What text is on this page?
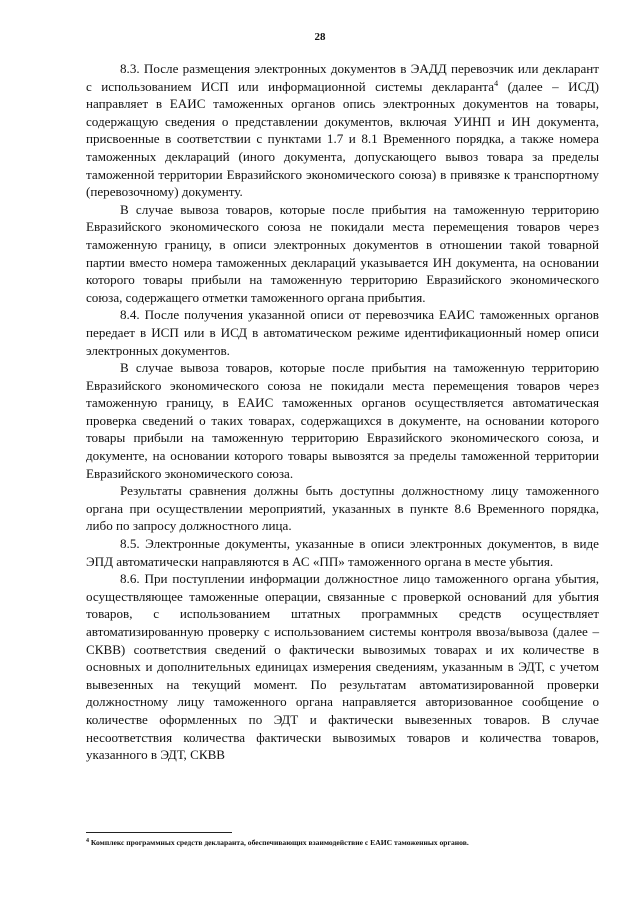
28

8.3. После размещения электронных документов в ЭАДД перевозчик или декларант с использованием ИСП или информационной системы декларанта$^4$ (далее – ИСД) направляет в ЕАИС таможенных органов опись электронных документов на товары, содержащую сведения о представлении документов, включая УИНП и ИН документа, присвоенные в соответствии с пунктами 1.7 и 8.1 Временного порядка, а также номера таможенных деклараций (иного документа, допускающего вывоз товара за пределы таможенной территории Евразийского экономического союза) в привязке к транспортному (перевозочному) документу.

В случае вывоза товаров, которые после прибытия на таможенную территорию Евразийского экономического союза не покидали места перемещения товаров через таможенную границу, в описи электронных документов в отношении такой товарной партии вместо номера таможенных деклараций указывается ИН документа, на основании которого товары прибыли на таможенную территорию Евразийского экономического союза, содержащего отметки таможенного органа прибытия.

8.4. После получения указанной описи от перевозчика ЕАИС таможенных органов передает в ИСП или в ИСД в автоматическом режиме идентификационный номер описи электронных документов.

В случае вывоза товаров, которые после прибытия на таможенную территорию Евразийского экономического союза не покидали места перемещения товаров через таможенную границу, в ЕАИС таможенных органов осуществляется автоматическая проверка сведений о таких товарах, содержащихся в документе, на основании которого товары прибыли на таможенную территорию Евразийского экономического союза, и документе, на основании которого товары вывозятся за пределы таможенной территории Евразийского экономического союза.

Результаты сравнения должны быть доступны должностному лицу таможенного органа при осуществлении мероприятий, указанных в пункте 8.6 Временного порядка, либо по запросу должностного лица.

8.5. Электронные документы, указанные в описи электронных документов, в виде ЭПД автоматически направляются в АС «ПП» таможенного органа в месте убытия.

8.6. При поступлении информации должностное лицо таможенного органа убытия, осуществляющее таможенные операции, связанные с проверкой оснований для убытия товаров, с использованием штатных программных средств осуществляет автоматизированную проверку с использованием системы контроля ввоза/вывоза (далее – СКВВ) соответствия сведений о фактически вывозимых товарах и их количестве в основных и дополнительных единицах измерения сведениям, указанным в ЭДТ, с учетом вывезенных на текущий момент. По результатам автоматизированной проверки должностному лицу таможенного органа направляется авторизованное сообщение о количестве оформленных по ЭДТ и фактически вывезенных товаров. В случае несоответствия количества фактически вывозимых товаров и количества товаров, указанного в ЭДТ, СКВВ

$^4$ Комплекс программных средств декларанта, обеспечивающих взаимодействие с ЕАИС таможенных органов.
